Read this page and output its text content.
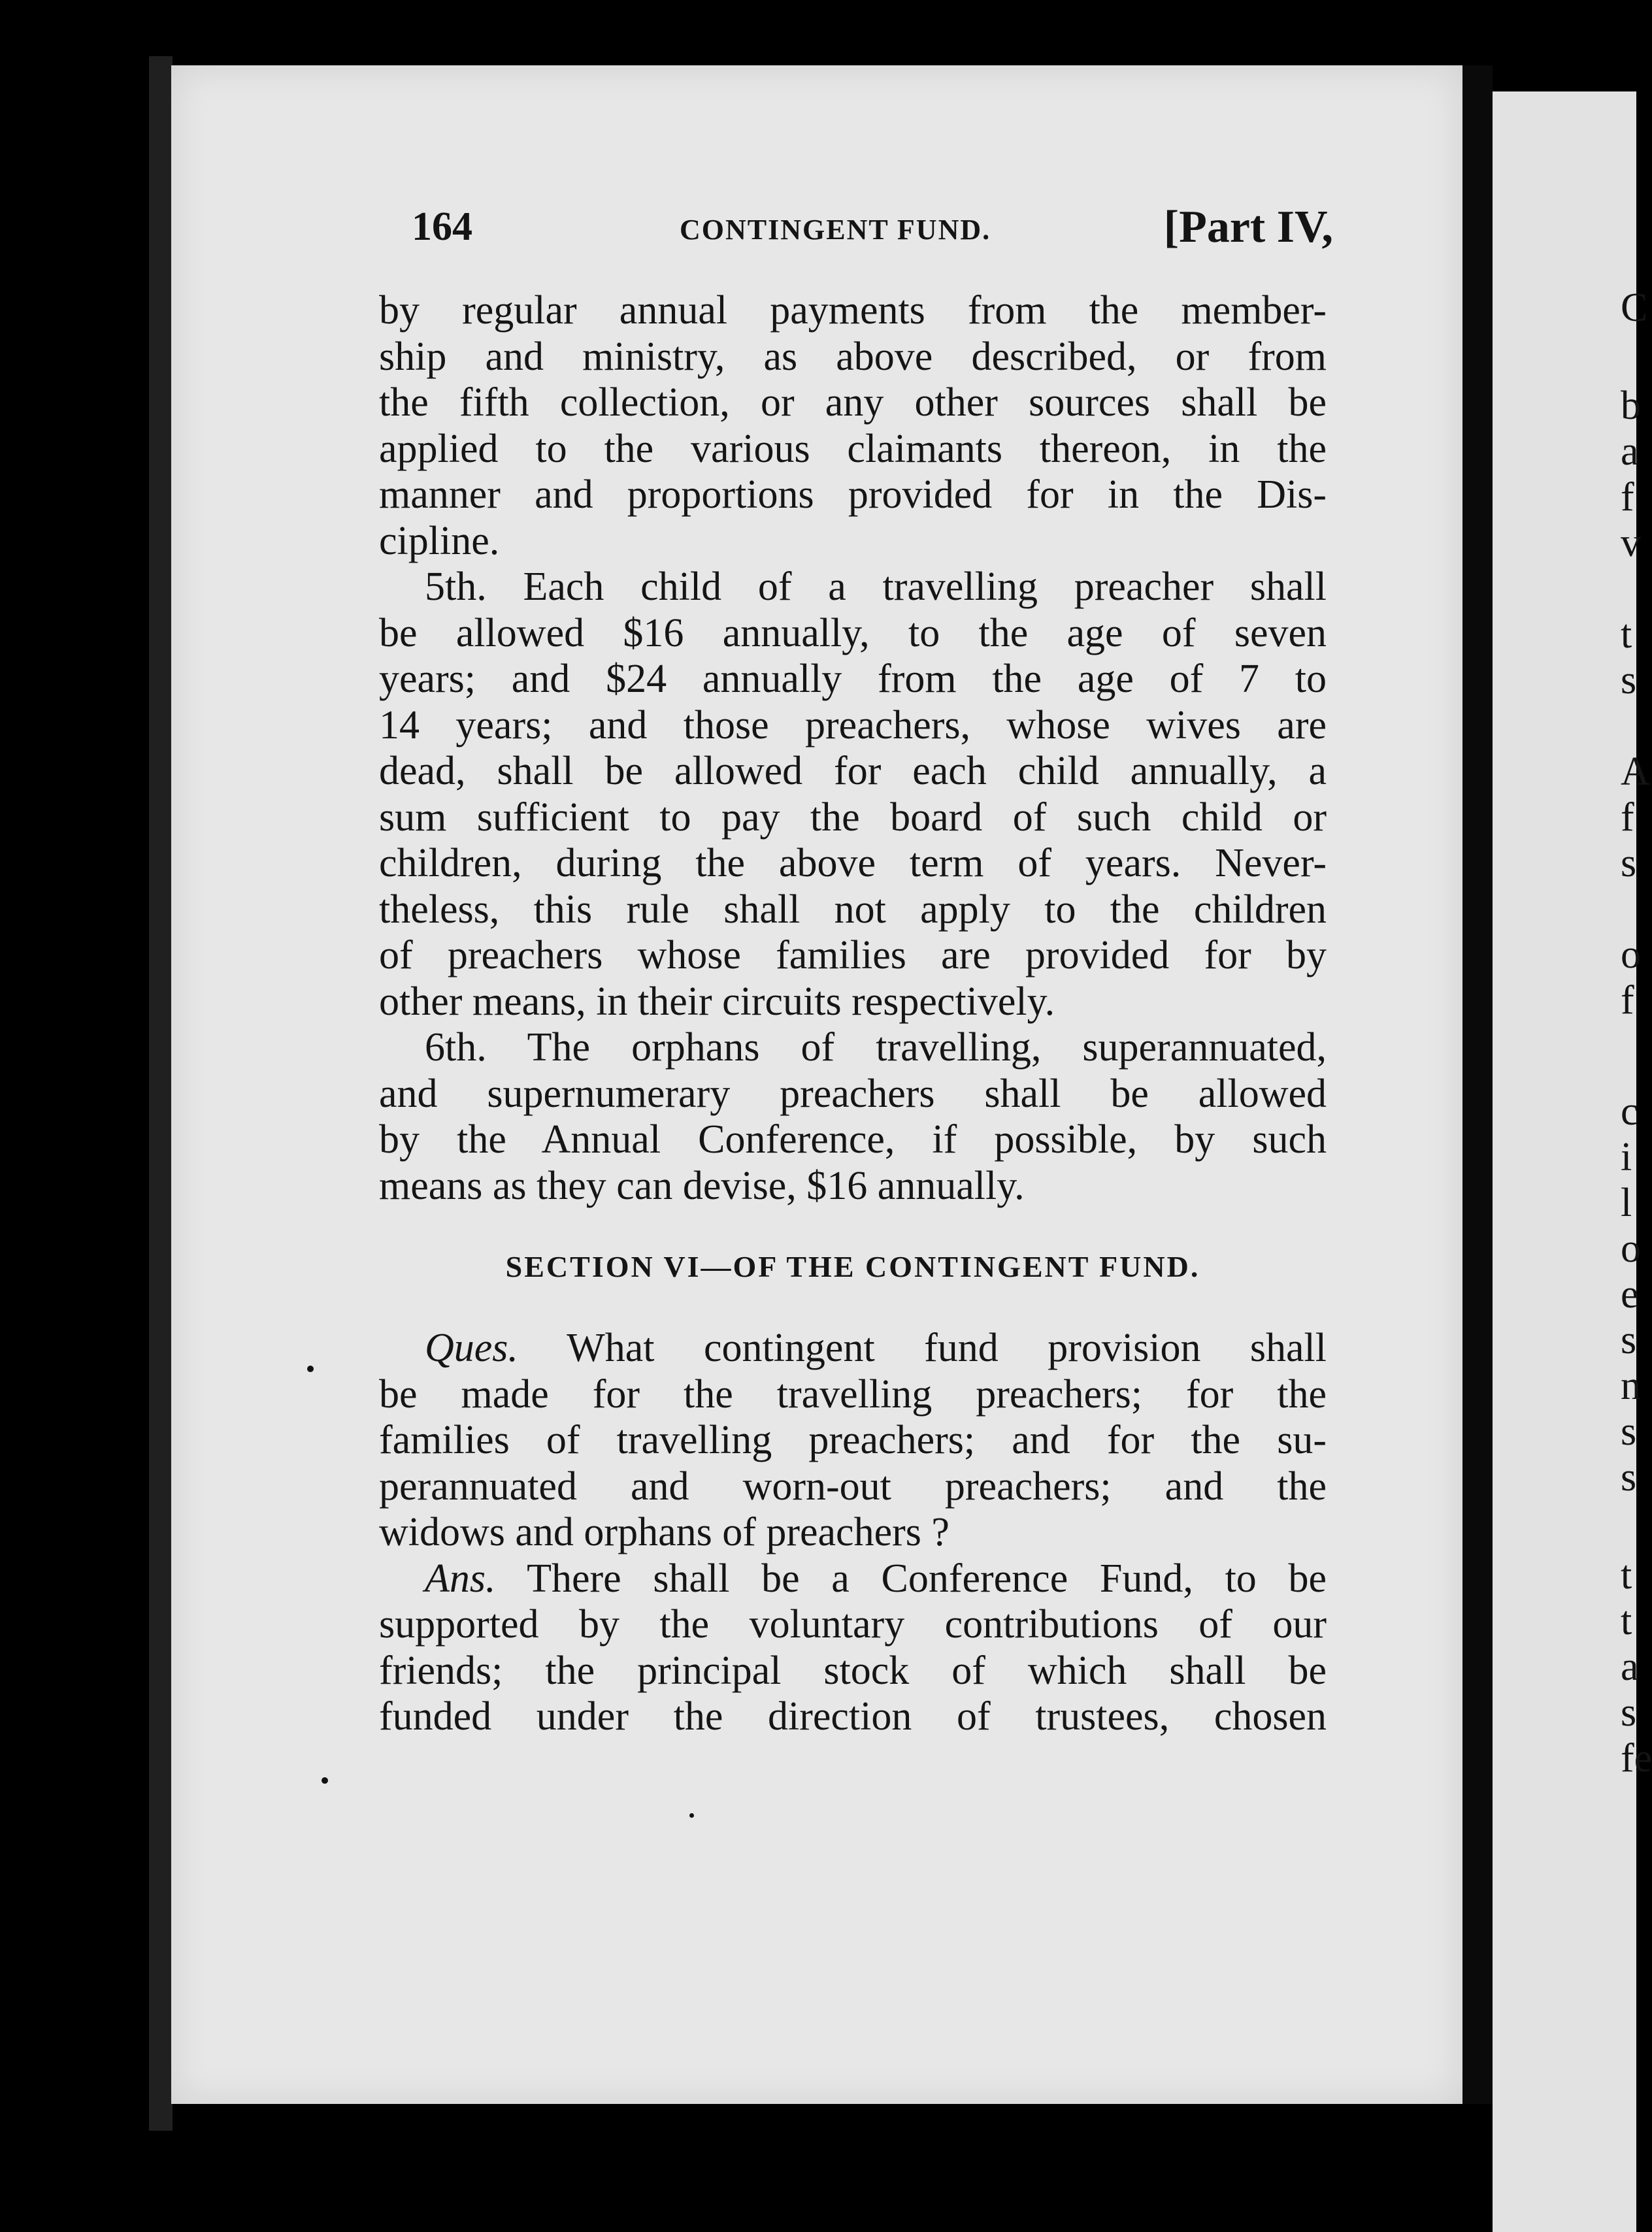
C
b
a
f
v
t
s
A
f
s
o
f
c
i
l
o
e
s
n
s
s
t
t
a
s
fe
164	CONTINGENT FUND.	[Part IV,
by regular annual payments from the member-
ship and ministry, as above described, or from
the fifth collection, or any other sources shall be
applied to the various claimants thereon, in the
manner and proportions provided for in the Dis-
cipline.
5th. Each child of a travelling preacher shall
be allowed $16 annually, to the age of seven
years; and $24 annually from the age of 7 to
14 years; and those preachers, whose wives are
dead, shall be allowed for each child annually, a
sum sufficient to pay the board of such child or
children, during the above term of years. Never-
theless, this rule shall not apply to the children
of preachers whose families are provided for by
other means, in their circuits respectively.
6th. The orphans of travelling, superannuated,
and supernumerary preachers shall be allowed
by the Annual Conference, if possible, by such
means as they can devise, $16 annually.
SECTION VI—OF THE CONTINGENT FUND.
Ques. What contingent fund provision shall
be made for the travelling preachers; for the
families of travelling preachers; and for the su-
perannuated and worn-out preachers; and the
widows and orphans of preachers ?
Ans. There shall be a Conference Fund, to be
supported by the voluntary contributions of our
friends; the principal stock of which shall be
funded under the direction of trustees, chosen
